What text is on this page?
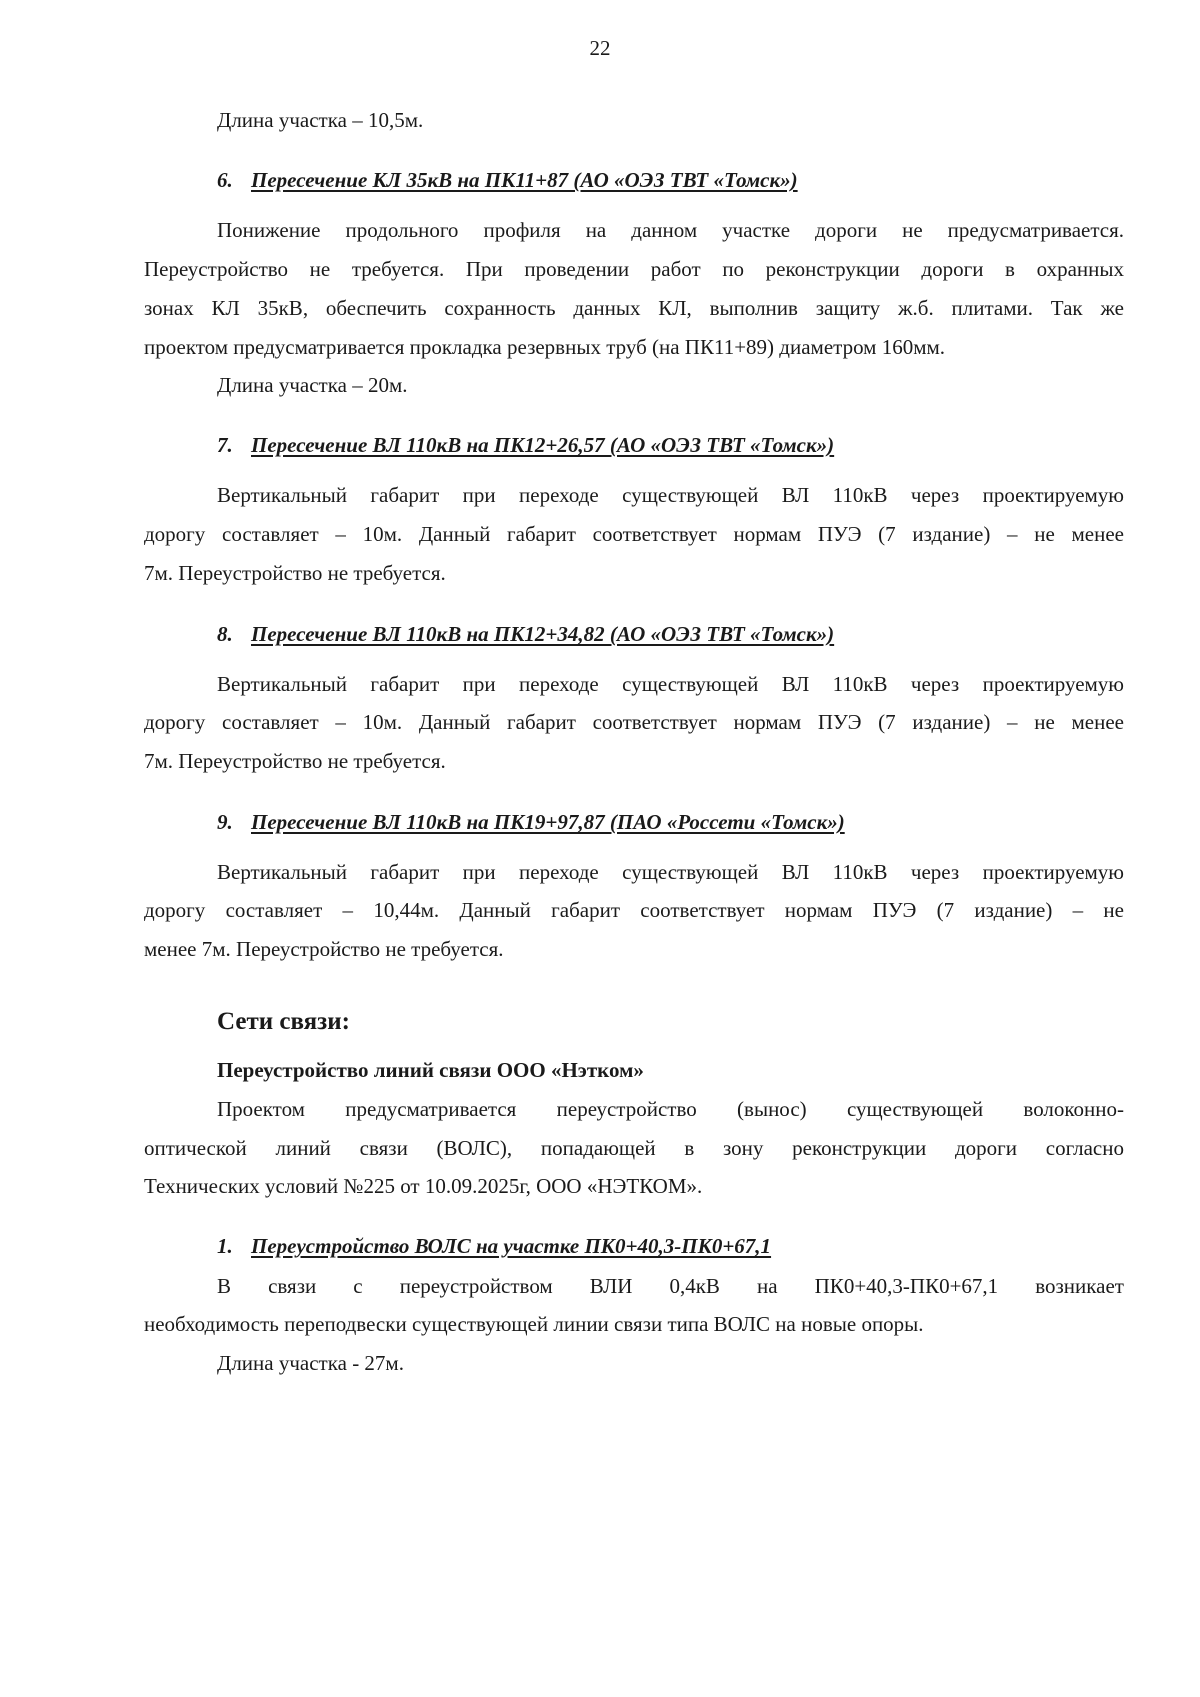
22
Длина участка – 10,5м.
6. Пересечение КЛ 35кВ на ПК11+87 (АО «ОЭЗ ТВТ «Томск»)
Понижение продольного профиля на данном участке дороги не предусматривается.
Переустройство не требуется. При проведении работ по реконструкции дороги в охранных
зонах КЛ 35кВ, обеспечить сохранность данных КЛ, выполнив защиту ж.б. плитами. Так же
проектом предусматривается прокладка резервных труб (на ПК11+89) диаметром 160мм.
Длина участка – 20м.
7. Пересечение ВЛ 110кВ на ПК12+26,57 (АО «ОЭЗ ТВТ «Томск»)
Вертикальный габарит при переходе существующей ВЛ 110кВ через проектируемую
дорогу составляет – 10м. Данный габарит соответствует нормам ПУЭ (7 издание) – не менее
7м. Переустройство не требуется.
8. Пересечение ВЛ 110кВ на ПК12+34,82 (АО «ОЭЗ ТВТ «Томск»)
Вертикальный габарит при переходе существующей ВЛ 110кВ через проектируемую
дорогу составляет – 10м. Данный габарит соответствует нормам ПУЭ (7 издание) – не менее
7м. Переустройство не требуется.
9. Пересечение ВЛ 110кВ на ПК19+97,87 (ПАО «Россети «Томск»)
Вертикальный габарит при переходе существующей ВЛ 110кВ через проектируемую
дорогу составляет – 10,44м. Данный габарит соответствует нормам ПУЭ (7 издание) – не
менее 7м. Переустройство не требуется.
Сети связи:
Переустройство линий связи ООО «Нэтком»
Проектом предусматривается переустройство (вынос) существующей волоконно-
оптической линий связи (ВОЛС), попадающей в зону реконструкции дороги согласно
Технических условий №225 от 10.09.2025г, ООО «НЭТКОМ».
1. Переустройство ВОЛС на участке ПК0+40,3-ПК0+67,1
В связи с переустройством ВЛИ 0,4кВ на ПК0+40,3-ПК0+67,1 возникает
необходимость переподвески существующей линии связи типа ВОЛС на новые опоры.
Длина участка - 27м.
